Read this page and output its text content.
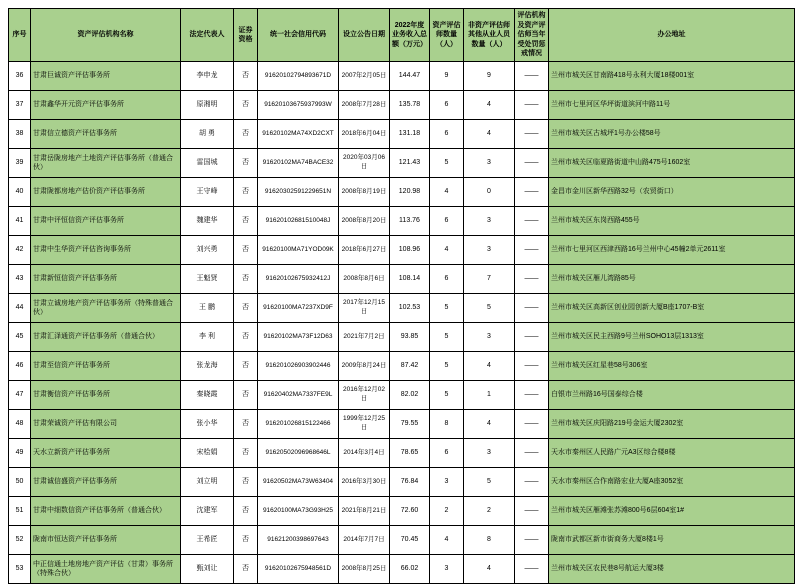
序号	资产评估机构名称	法定代表人	证券资格	统一社会信用代码	设立公告日期	2022年度业务收入总额（万元）	资产评估师数量（人）	非资产评估师其他从业人员数量（人）	评估机构及资产评估师当年受处罚惩戒情况	办公地址
36	甘肃巨诚资产评估事务所	李申龙	否	91620102794893671D	2007年2月05日	144.47	9	9	——	兰州市城关区甘南路418号永利大厦18楼001室
37	甘肃鑫华开元资产评估事务所	原湘明	否	91620103675937993W	2008年7月28日	135.78	6	4	——	兰州市七里河区华坪街道滨河中路11号
38	甘肃信立德资产评估事务所	胡 勇	否	91620102MA74XD2CXT	2018年6月04日	131.18	6	4	——	兰州市城关区古城坪1号办公楼58号
39	甘肃岳陇房地产土地资产评估事务所（普通合伙）	雷国城	否	91620102MA74BACE32	2020年03月06日	121.43	5	3	——	兰州市城关区临夏路街道中山路475号1602室
40	甘肃陇都房地产估价资产评估事务所	王守峰	否	91620302591229651N	2008年8月19日	120.98	4	0	——	金昌市金川区新华西路32号（农贸街口）
41	甘肃中评恒信资产评估事务所	魏建华	否	91620102681510048J	2008年8月20日	113.76	6	3	——	兰州市城关区东岗西路455号
42	甘肃中生华资产评估咨询事务所	刘兴勇	否	91620100MA71YOD09K	2018年6月27日	108.96	4	3	——	兰州市七里河区西津西路16号兰州中心45幢2单元2611室
43	甘肃新恒信资产评估事务所	王魁贤	否	91620102675932412J	2008年8月6日	108.14	6	7	——	兰州市城关区雁儿湾路85号
44	甘肃立诚房地产资产评估事务所（特殊普通合伙）	王 鹏	否	91620100MA7237XD9F	2017年12月15日	102.53	5	5	——	兰州市城关区高新区创业园创新大厦B座1707-B室
45	甘肃汇泽通资产评估事务所（普通合伙）	李 利	否	91620102MA73F12D63	2021年7月2日	93.85	5	3	——	兰州市城关区民主西路9号兰州SOHO13层1313室
46	甘肃至信资产评估事务所	张龙海	否	916201026903902446	2009年8月24日	87.42	5	4	——	兰州市城关区红星巷58号306室
47	甘肃衡信资产评估事务所	秦晓霞	否	91620402MA7337FE9L	2016年12月02日	82.02	5	1	——	白银市兰州路16号国泰综合楼
48	甘肃荣诚资产评估有限公司	张小华	否	916201026815122466	1999年12月25日	79.55	8	4	——	兰州市城关区庆阳路219号金运大厦2302室
49	天水立新资产评估事务所	宋桧娟	否	91620502096968646L	2014年3月4日	78.65	6	3	——	天水市秦州区人民路广元A3区综合楼8楼
50	甘肃诚信盛资产评估事务所	刘立明	否	91620502MA73W63404	2016年3月30日	76.84	3	5	——	天水市秦州区合作南路宏业大厦A座3052室
51	甘肃中细数信资产评估事务所（普通合伙）	沈建军	否	91620100MA73G93H25	2021年8月21日	72.60	2	2	——	兰州市城关区雁滩张苏滩800号6层604室1#
52	陇南市恒达资产评估事务所	王希匠	否	91621200398697643	2014年7月7日	70.45	4	8	——	陇南市武都区新市街商务大厦8楼1号
53	中正信通土地房地产资产评估（甘肃）事务所（特殊合伙）	甄刘让	否	91620102675948561D	2008年8月25日	66.02	3	4	——	兰州市城关区农民巷8号航运大厦3楼
